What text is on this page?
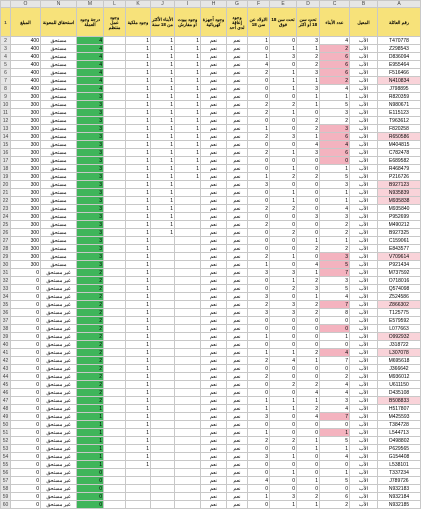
	O	N	M	L	K	J	I	H	G	F	E	D	C	B	A
1	المبلغ	استحقاق للمعونة	درجة وجود العملة	وجود عمل منتظم	وجود ملكية	الأبناء الأكثر من 18 سنة	وجود بيوت أو مفارش	وجود أجهزة كهربائية	وجود إعاقة لدى أحد	الاولاد عن سن 18	تحت سن 18 فوق	تحت سن 18 أو اكثر	عدد الأبناء	المعيل	رقم العائلة
2	400	مستحق	4		1	1	1	نعم	نعم	1	0	3	4	الأب	T470778
3	400	مستحق	4		1	1	1	نعم	نعم	0	1	1	2	الأب	Z298543
4	400	مستحق	4		1	1	1	نعم	نعم	1	3	2	6	الأب	D836094
5	400	مستحق	4		1	1	1	نعم	نعم	4	0	2	6	الأب	E955464
6	400	مستحق	4		1	1	1	نعم	نعم	2	1	3	6	الأب	F516466
7	400	مستحق	4		1	1	1	نعم	نعم	0	1	1	2	الأب	N410834
8	400	مستحق	4		1	1	1	نعم	نعم	0	1	3	4	الأب	J798895
9	300	مستحق	3		1	1	1	نعم	نعم	0	0	1	1	الأب	R820359
10	300	مستحق	3		1	1	1	نعم	نعم	2	2	1	5	الأب	N980671
11	300	مستحق	3		1	1	1	نعم	نعم	2	1	0	3	الأب	E115123
12	300	مستحق	3		1	1	1	نعم	نعم	0	0	2	2	الأب	T963612
13	300	مستحق	3		1	1	1	نعم	نعم	1	0	2	3	الأب	F820258
14	300	مستحق	3		1	1	1	نعم	نعم	2	3	1	6	الأب	R650586
15	300	مستحق	3		1	1	1	نعم	نعم	0	0	4	4	الأب	M404815
16	300	مستحق	3		1	1	1	نعم	نعم	2	1	3	6	الأب	C782478
17	300	مستحق	3		1	1	1	نعم	نعم	0	0	0	0	الأب	E689582
18	300	مستحق	3		1	1	1	نعم	نعم	0	1	0	1	الأب	R468479
19	300	مستحق	3		1	1	1	نعم	نعم	1	2	2	5	الأب	P216726
20	300	مستحق	3		1	1		نعم	نعم	3	0	0	3	الأب	B927123
21	300	مستحق	3		1	1		نعم	نعم	0	1	0	1	الأب	N935839
22	300	مستحق	3		1	1		نعم	نعم	0	1	0	1	الأب	M935838
23	300	مستحق	3		1	1		نعم	نعم	2	2	0	4	الأب	M935840
24	300	مستحق	3		1	1		نعم	نعم	0	0	3	3	الأب	P952699
25	300	مستحق	3		1	1		نعم	نعم	2	0	0	2	الأب	M490212
26	300	مستحق	3		1	1		نعم	نعم	0	2	0	2	الأب	B927325
27	300	مستحق	3		1			نعم	نعم	0	0	1	1	الأب	C159061
28	300	مستحق	3		1			نعم	نعم	0	0	2	2	الأب	E843577
29	300	مستحق	3		1			نعم	نعم	2	1	0	3	الأب	V709614
30	300	مستحق	3		1			نعم	نعم	1	0	4	5	الأب	P921434
31	0	غير مستحق	2		1			نعم	نعم	3	3	1	7	الأب	M737592
32	0	غير مستحق	2		1			نعم	نعم	0	1	2	3	الأب	O718016
33	0	غير مستحق	2		1			نعم	نعم	0	2	3	5	الأب	Q574098
34	0	غير مستحق	2		1			نعم	نعم	3	0	1	4	الأب	Z524586
35	0	غير مستحق	2		1			نعم	نعم	2	3	2	7	الأب	Z866302
36	0	غير مستحق	2		1			نعم	نعم	3	3	2	8	الأب	T125775
37	0	غير مستحق	2		1			نعم	نعم	0	0	0	0	الأب	E579592
38	0	غير مستحق	2		1			نعم	نعم	0	0	0	0	الأب	L077663
39	0	غير مستحق	2		1			نعم	نعم	1	0	0	1	الأب	O992932
40	0	غير مستحق	2		1			نعم	نعم	0	0	0	0	الأب	J318722
41	0	غير مستحق	2		1			نعم	نعم	1	1	2	4	الأب	L307078
42	0	غير مستحق	2		1			نعم	نعم	2	4	1	7	الأب	M695618
43	0	غير مستحق	2		1			نعم	نعم	0	0	0	0	الأب	J366642
44	0	غير مستحق	2		1			نعم	نعم	2	0	0	2	الأب	M936012
45	0	غير مستحق	2		1			نعم	نعم	0	2	2	4	الأب	U611150
46	0	غير مستحق	2		1			نعم	نعم	0	0	4	4	الأب	D435108
47	0	غير مستحق	2		1			نعم	نعم	1	1	1	3	الأب	B508833
48	0	غير مستحق	1		1			نعم	نعم	1	1	2	4	الأب	H517807
49	0	غير مستحق	1		1			نعم	نعم	3	0	4	7	الأب	M425593
50	0	غير مستحق	1		1			نعم	نعم	0	0	0	0	الأب	T384728
51	0	غير مستحق	1		1			نعم	نعم	1	0	0	1	الأب	L544713
52	0	غير مستحق	1		1			نعم	نعم	2	2	1	5	الأب	O498802
53	0	غير مستحق	1		1			نعم	نعم	0	0	1	1	الأب	P629565
54	0	غير مستحق	1		1			نعم	نعم	3	1	0	4	الأب	G154408
55	0	غير مستحق	1		1			نعم	نعم	0	0	0	0	الأب	L538101
56	0	غير مستحق	0					نعم	نعم	0	1	0	1	الأب	T337234
57	0	غير مستحق	0					نعم	نعم	4	0	1	5	الأب	J789726
58	0	غير مستحق	0					نعم	نعم	0	0	0	0	الأب	N932183
59	0	غير مستحق	0					نعم	نعم	1	3	2	6	الأب	N932184
60	0	غير مستحق	0					نعم	نعم	0	1	1	2	الأب	N932185
